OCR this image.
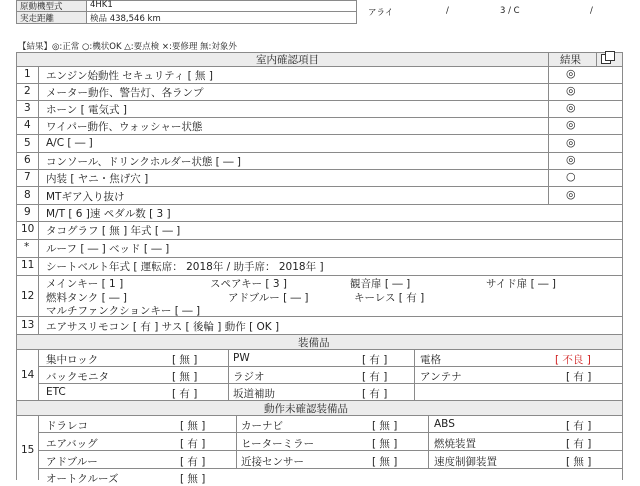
原動機型式	4HK1
実走距離	検品 438,546 km
アライ	/	3 / C	/
【結果】◎:正常 ○:機状OK △:要点検 ×:要修理 無:対象外
室内確認項目	結果
1 エンジン始動性 セキュリティ [ 無 ]	◎
2 メーター動作、警告灯、各ランプ	◎
3 ホーン [ 電気式 ]	◎
4 ワイパー動作、ウォッシャー状態	◎
5 A/C [ ― ]	◎
6 コンソール、ドリンクホルダー状態 [ ― ]	◎
7 内装 [ ヤニ・焦げ穴 ]	○
8 MTギア入り抜け	◎
9 M/T [ 6 ]速 ペダル数 [ 3 ]
10 タコグラフ [ 無 ] 年式 [ ― ]
* ルーフ [ ― ] ベッド [ ― ]
11 シートベルト年式 [ 運転席： 2018年 / 助手席： 2018年 ]
12
メインキー [ 1 ]	スペアキー [ 3 ]	観音扉 [ ― ]	サイド扉 [ ― ]
燃料タンク [ ― ]	アドブルー [ ― ]	キーレス [ 有 ]
マルチファンクションキー [ ― ]
13 エアサスリモコン [ 有 ] サス [ 後輪 ] 動作 [ OK ]
装備品
14
集中ロック	[ 無 ]	PW	[ 有 ]	電格	[ 不良 ]
バックモニタ	[ 無 ]	ラジオ	[ 有 ]	アンテナ	[ 有 ]
ETC	[ 有 ]	坂道補助	[ 有 ]
動作未確認装備品
15
ドラレコ	[ 無 ]	カーナビ	[ 無 ]	ABS	[ 有 ]
エアバッグ	[ 有 ]	ヒーターミラー	[ 無 ]	燃焼装置	[ 有 ]
アドブルー	[ 有 ]	近接センサー	[ 無 ]	速度制御装置	[ 無 ]
オートクルーズ	[ 無 ]
